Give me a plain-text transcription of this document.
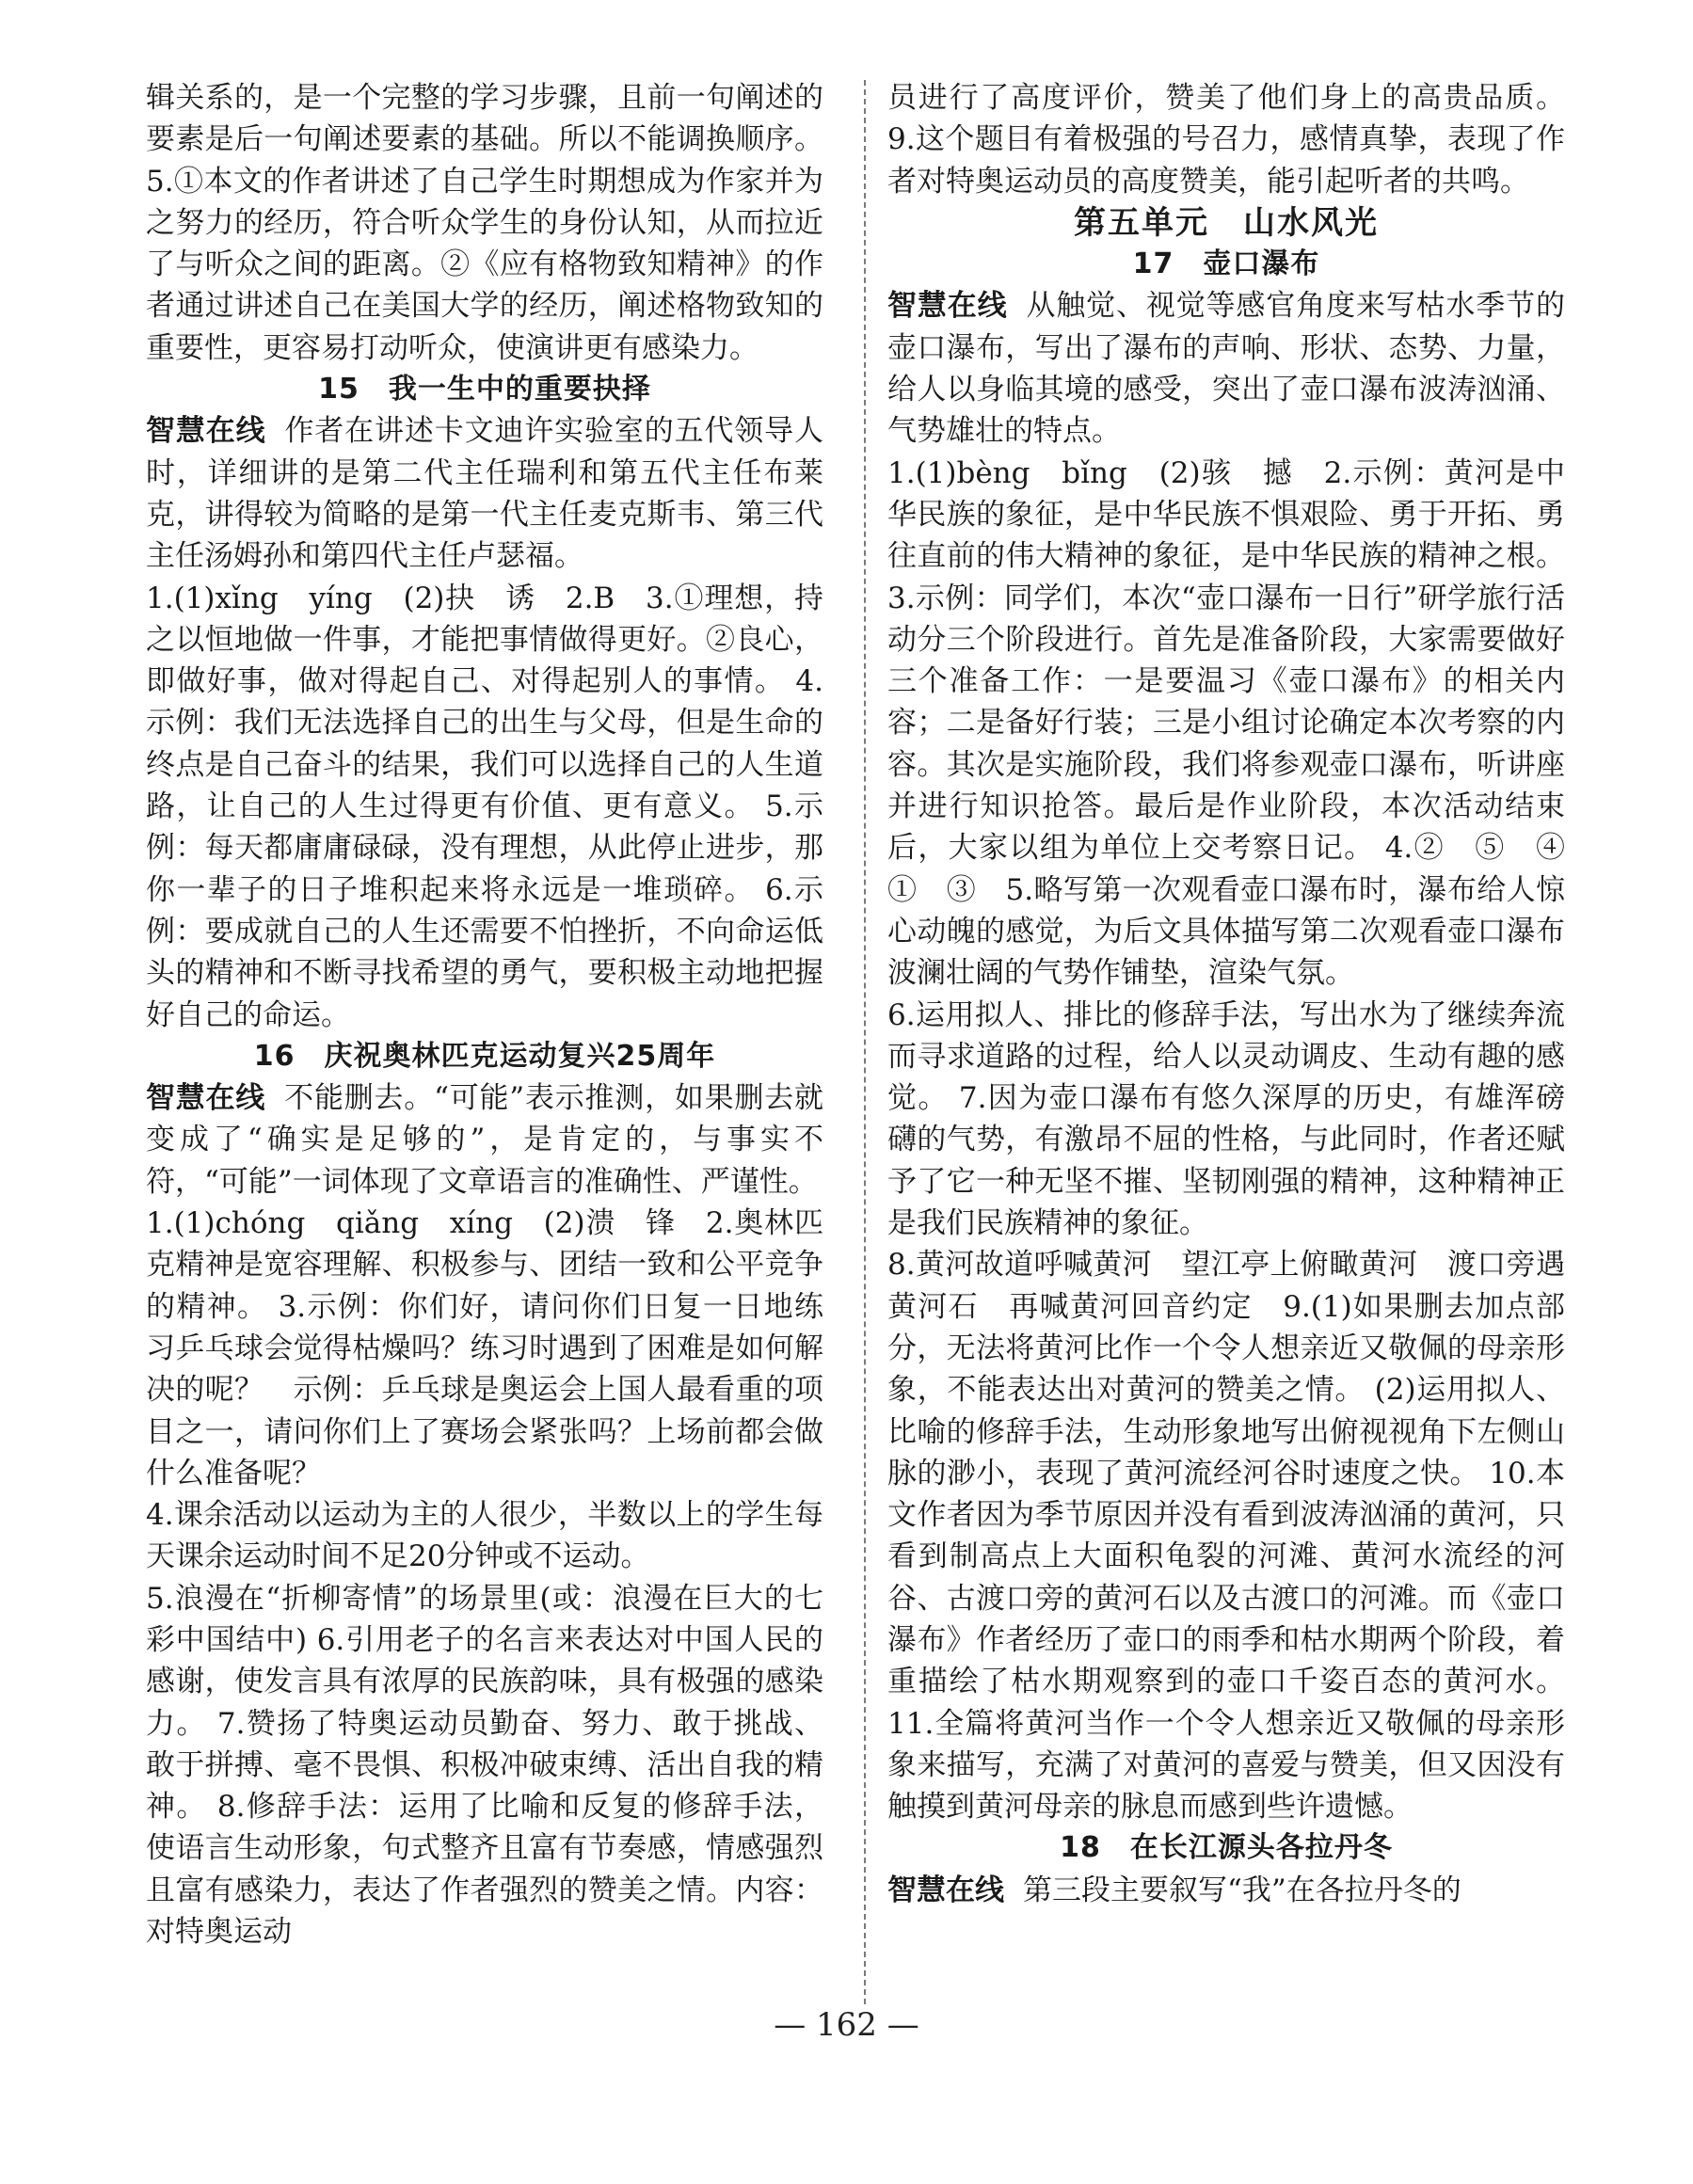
辑关系的，是一个完整的学习步骤，且前一句阐述的要素是后一句阐述要素的基础。所以不能调换顺序。 5.①本文的作者讲述了自己学生时期想成为作家并为之努力的经历，符合听众学生的身份认知，从而拉近了与听众之间的距离。②《应有格物致知精神》的作者通过讲述自己在美国大学的经历，阐述格物致知的重要性，更容易打动听众，使演讲更有感染力。

15　我一生中的重要抉择

智慧在线 作者在讲述卡文迪许实验室的五代领导人时，详细讲的是第二代主任瑞利和第五代主任布莱克，讲得较为简略的是第一代主任麦克斯韦、第三代主任汤姆孙和第四代主任卢瑟福。

1.(1)xǐng　yíng　(2)抉　诱　2.B　3.①理想，持之以恒地做一件事，才能把事情做得更好。②良心，即做好事，做对得起自己、对得起别人的事情。 4.示例：我们无法选择自己的出生与父母，但是生命的终点是自己奋斗的结果，我们可以选择自己的人生道路，让自己的人生过得更有价值、更有意义。 5.示例：每天都庸庸碌碌，没有理想，从此停止进步，那你一辈子的日子堆积起来将永远是一堆琐碎。 6.示例：要成就自己的人生还需要不怕挫折，不向命运低头的精神和不断寻找希望的勇气，要积极主动地把握好自己的命运。

16　庆祝奥林匹克运动复兴25周年

智慧在线 不能删去。“可能”表示推测，如果删去就变成了“确实是足够的”，是肯定的，与事实不符，“可能”一词体现了文章语言的准确性、严谨性。

1.(1)chóng　qiǎng　xíng　(2)溃　锋　2.奥林匹克精神是宽容理解、积极参与、团结一致和公平竞争的精神。 3.示例：你们好，请问你们日复一日地练习乒乓球会觉得枯燥吗？练习时遇到了困难是如何解决的呢？　示例：乒乓球是奥运会上国人最看重的项目之一，请问你们上了赛场会紧张吗？上场前都会做什么准备呢？

4.课余活动以运动为主的人很少，半数以上的学生每天课余运动时间不足20分钟或不运动。

5.浪漫在“折柳寄情”的场景里(或：浪漫在巨大的七彩中国结中) 6.引用老子的名言来表达对中国人民的感谢，使发言具有浓厚的民族韵味，具有极强的感染力。 7.赞扬了特奥运动员勤奋、努力、敢于挑战、敢于拼搏、毫不畏惧、积极冲破束缚、活出自我的精神。 8.修辞手法：运用了比喻和反复的修辞手法，使语言生动形象，句式整齐且富有节奏感，情感强烈且富有感染力，表达了作者强烈的赞美之情。内容：对特奥运动

员进行了高度评价，赞美了他们身上的高贵品质。 9.这个题目有着极强的号召力，感情真挚，表现了作者对特奥运动员的高度赞美，能引起听者的共鸣。

第五单元　山水风光
17　壶口瀑布

智慧在线 从触觉、视觉等感官角度来写枯水季节的壶口瀑布，写出了瀑布的声响、形状、态势、力量，给人以身临其境的感受，突出了壶口瀑布波涛汹涌、气势雄壮的特点。

1.(1)bèng　bǐng　(2)骇　撼　2.示例：黄河是中华民族的象征，是中华民族不惧艰险、勇于开拓、勇往直前的伟大精神的象征，是中华民族的精神之根。 3.示例：同学们，本次“壶口瀑布一日行”研学旅行活动分三个阶段进行。首先是准备阶段，大家需要做好三个准备工作：一是要温习《壶口瀑布》的相关内容；二是备好行装；三是小组讨论确定本次考察的内容。其次是实施阶段，我们将参观壶口瀑布，听讲座并进行知识抢答。最后是作业阶段，本次活动结束后，大家以组为单位上交考察日记。 4.②　⑤　④　①　③　5.略写第一次观看壶口瀑布时，瀑布给人惊心动魄的感觉，为后文具体描写第二次观看壶口瀑布波澜壮阔的气势作铺垫，渲染气氛。

6.运用拟人、排比的修辞手法，写出水为了继续奔流而寻求道路的过程，给人以灵动调皮、生动有趣的感觉。 7.因为壶口瀑布有悠久深厚的历史，有雄浑磅礴的气势，有激昂不屈的性格，与此同时，作者还赋予了它一种无坚不摧、坚韧刚强的精神，这种精神正是我们民族精神的象征。

8.黄河故道呼喊黄河　望江亭上俯瞰黄河　渡口旁遇黄河石　再喊黄河回音约定　9.(1)如果删去加点部分，无法将黄河比作一个令人想亲近又敬佩的母亲形象，不能表达出对黄河的赞美之情。 (2)运用拟人、比喻的修辞手法，生动形象地写出俯视视角下左侧山脉的渺小，表现了黄河流经河谷时速度之快。 10.本文作者因为季节原因并没有看到波涛汹涌的黄河，只看到制高点上大面积龟裂的河滩、黄河水流经的河谷、古渡口旁的黄河石以及古渡口的河滩。而《壶口瀑布》作者经历了壶口的雨季和枯水期两个阶段，着重描绘了枯水期观察到的壶口千姿百态的黄河水。 11.全篇将黄河当作一个令人想亲近又敬佩的母亲形象来描写，充满了对黄河的喜爱与赞美，但又因没有触摸到黄河母亲的脉息而感到些许遗憾。

18　在长江源头各拉丹冬

智慧在线 第三段主要叙写“我”在各拉丹冬的

— 162 —
